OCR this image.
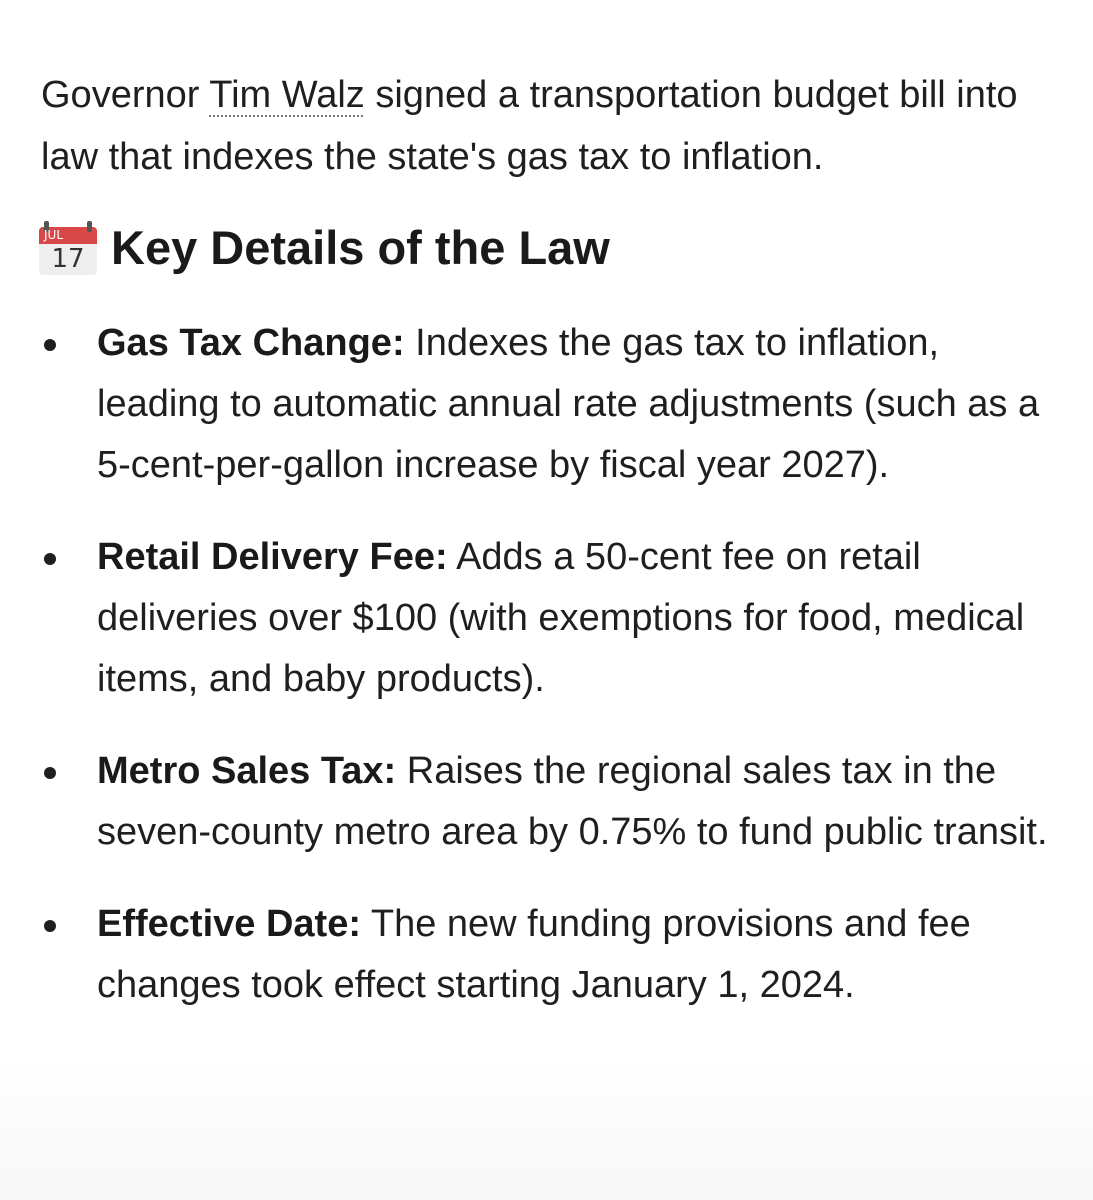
Governor Tim Walz signed a transportation budget bill into law that indexes the state's gas tax to inflation.

JUL
17 Key Details of the Law
Gas Tax Change: Indexes the gas tax to inflation, leading to automatic annual rate adjustments (such as a 5-cent-per-gallon increase by fiscal year 2027).
Retail Delivery Fee: Adds a 50-cent fee on retail deliveries over $100 (with exemptions for food, medical items, and baby products).
Metro Sales Tax: Raises the regional sales tax in the seven-county metro area by 0.75% to fund public transit.
Effective Date: The new funding provisions and fee changes took effect starting January 1, 2024.
